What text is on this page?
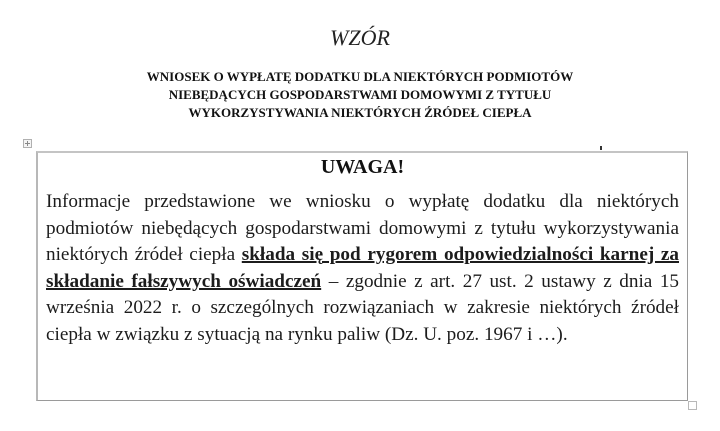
WZÓR
WNIOSEK O WYPŁATĘ DODATKU DLA NIEKTÓRYCH PODMIOTÓW
NIEBĘDĄCYCH GOSPODARSTWAMI DOMOWYMI Z TYTUŁU
WYKORZYSTYWANIA NIEKTÓRYCH ŹRÓDEŁ CIEPŁA
UWAGA!
Informacje przedstawione we wniosku o wypłatę dodatku dla niektórych podmiotów niebędących gospodarstwami domowymi z tytułu wykorzystywania niektórych źródeł ciepła składa się pod rygorem odpowiedzialności karnej za składanie fałszywych oświadczeń – zgodnie z art. 27 ust. 2 ustawy z dnia 15 września 2022 r. o szczególnych rozwiązaniach w zakresie niektórych źródeł ciepła w związku z sytuacją na rynku paliw (Dz. U. poz. 1967 i …).
